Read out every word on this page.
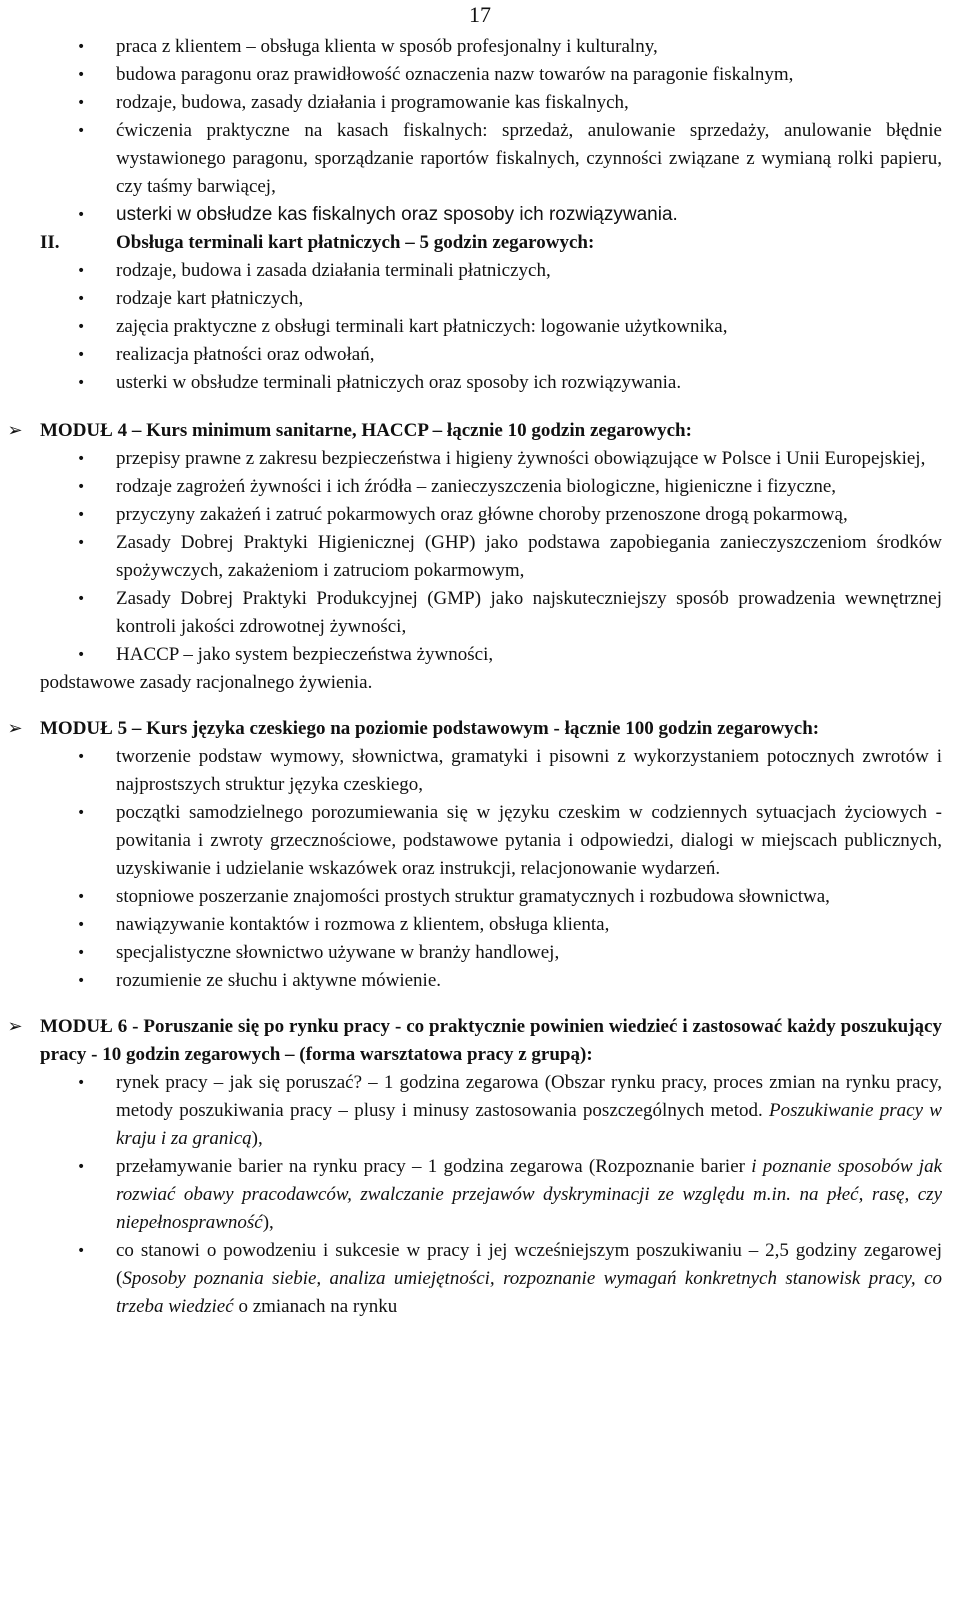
17
• praca z klientem – obsługa klienta w sposób profesjonalny i kulturalny,
• budowa paragonu oraz prawidłowość oznaczenia nazw towarów na paragonie fiskalnym,
• rodzaje, budowa, zasady działania i programowanie kas fiskalnych,
• ćwiczenia praktyczne na kasach fiskalnych: sprzedaż, anulowanie sprzedaży, anulowanie błędnie wystawionego paragonu, sporządzanie raportów fiskalnych, czynności związane z wymianą rolki papieru, czy taśmy barwiącej,
• usterki w obsłudze kas fiskalnych oraz sposoby ich rozwiązywania.
II.	Obsługa terminali kart płatniczych – 5 godzin zegarowych:
• rodzaje, budowa i zasada działania terminali płatniczych,
• rodzaje kart płatniczych,
• zajęcia praktyczne z obsługi terminali kart płatniczych: logowanie użytkownika,
• realizacja płatności oraz odwołań,
• usterki w obsłudze terminali płatniczych oraz sposoby ich rozwiązywania.
➢ MODUŁ 4 – Kurs minimum sanitarne, HACCP – łącznie 10 godzin zegarowych:
• przepisy prawne z zakresu bezpieczeństwa i higieny żywności obowiązujące w Polsce i Unii Europejskiej,
• rodzaje zagrożeń żywności i ich źródła – zanieczyszczenia biologiczne, higieniczne i fizyczne,
• przyczyny zakażeń i zatruć pokarmowych oraz główne choroby przenoszone drogą pokarmową,
• Zasady Dobrej Praktyki Higienicznej (GHP) jako podstawa zapobiegania zanieczyszczeniom środków spożywczych, zakażeniom i zatruciom pokarmowym,
• Zasady Dobrej Praktyki Produkcyjnej (GMP) jako najskuteczniejszy sposób prowadzenia wewnętrznej kontroli jakości zdrowotnej żywności,
• HACCP – jako system bezpieczeństwa żywności,
podstawowe zasady racjonalnego żywienia.
➢ MODUŁ 5 – Kurs języka czeskiego na poziomie podstawowym - łącznie 100 godzin zegarowych:
• tworzenie podstaw wymowy, słownictwa, gramatyki i pisowni z wykorzystaniem potocznych zwrotów i najprostszych struktur języka czeskiego,
• początki samodzielnego porozumiewania się w języku czeskim w codziennych sytuacjach życiowych - powitania i zwroty grzecznościowe, podstawowe pytania i odpowiedzi, dialogi w miejscach publicznych, uzyskiwanie i udzielanie wskazówek oraz instrukcji, relacjonowanie wydarzeń.
• stopniowe poszerzanie znajomości prostych struktur gramatycznych i rozbudowa słownictwa,
• nawiązywanie kontaktów i rozmowa z klientem, obsługa klienta,
• specjalistyczne słownictwo używane w branży handlowej,
• rozumienie ze słuchu i aktywne mówienie.
➢ MODUŁ 6 - Poruszanie się po rynku pracy - co praktycznie powinien wiedzieć i zastosować każdy poszukujący pracy - 10 godzin zegarowych – (forma warsztatowa pracy z grupą):
• rynek pracy – jak się poruszać? – 1 godzina zegarowa (Obszar rynku pracy, proces zmian na rynku pracy, metody poszukiwania pracy – plusy i minusy zastosowania poszczególnych metod. Poszukiwanie pracy w kraju i za granicą),
• przełamywanie barier na rynku pracy – 1 godzina zegarowa (Rozpoznanie barier i poznanie sposobów jak rozwiać obawy pracodawców, zwalczanie przejawów dyskryminacji ze względu m.in. na płeć, rasę, czy niepełnosprawność),
• co stanowi o powodzeniu i sukcesie w pracy i jej wcześniejszym poszukiwaniu – 2,5 godziny zegarowej (Sposoby poznania siebie, analiza umiejętności, rozpoznanie wymagań konkretnych stanowisk pracy, co trzeba wiedzieć o zmianach na rynku
